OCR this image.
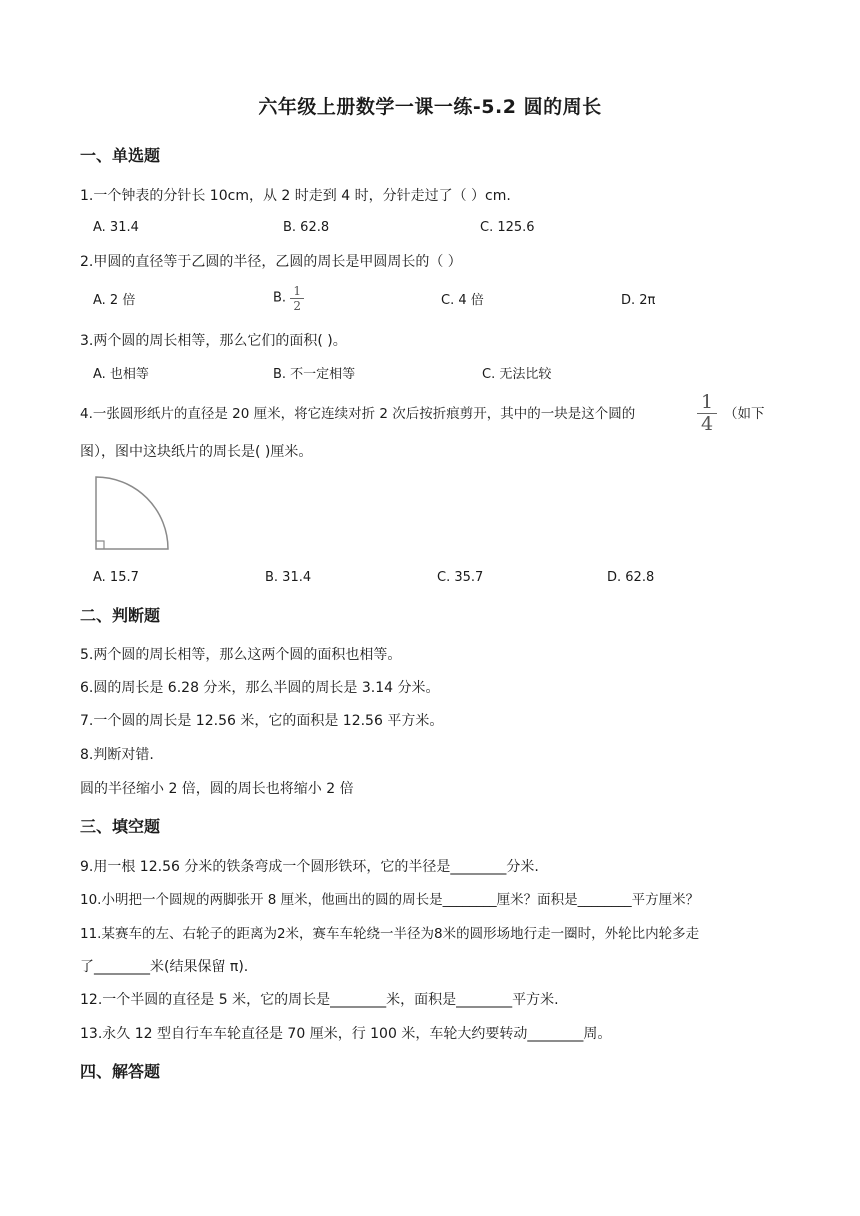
六年级上册数学一课一练-5.2 圆的周长
一、单选题
1.一个钟表的分针长 10cm，从 2 时走到 4 时，分针走过了（ ）cm.
A. 31.4	B. 62.8	C. 125.6
2.甲圆的直径等于乙圆的半径，乙圆的周长是甲圆周长的（ ）
A. 2 倍	B. $\frac{1}{2}$	C. 4 倍	D. 2π
3.两个圆的周长相等，那么它们的面积( )。
A. 也相等	B. 不一定相等	C. 无法比较
4.一张圆形纸片的直径是 20 厘米，将它连续对折 2 次后按折痕剪开，其中的一块是这个圆的	$\frac{1}{4}$ （如下
图），图中这块纸片的周长是( )厘米。
A. 15.7	B. 31.4	C. 35.7	D. 62.8
二、判断题
5.两个圆的周长相等，那么这两个圆的面积也相等。
6.圆的周长是 6.28 分米，那么半圆的周长是 3.14 分米。
7.一个圆的周长是 12.56 米，它的面积是 12.56 平方米。
8.判断对错.
圆的半径缩小 2 倍，圆的周长也将缩小 2 倍
三、填空题
9.用一根 12.56 分米的铁条弯成一个圆形铁环，它的半径是________分米.
10.小明把一个圆规的两脚张开 8 厘米，他画出的圆的周长是________厘米？面积是________平方厘米？
11.某赛车的左、右轮子的距离为2米，赛车车轮绕一半径为8米的圆形场地行走一圈时，外轮比内轮多走
了________米(结果保留 π).
12.一个半圆的直径是 5 米，它的周长是________米，面积是________平方米.
13.永久 12 型自行车车轮直径是 70 厘米，行 100 米，车轮大约要转动________周。
四、解答题
